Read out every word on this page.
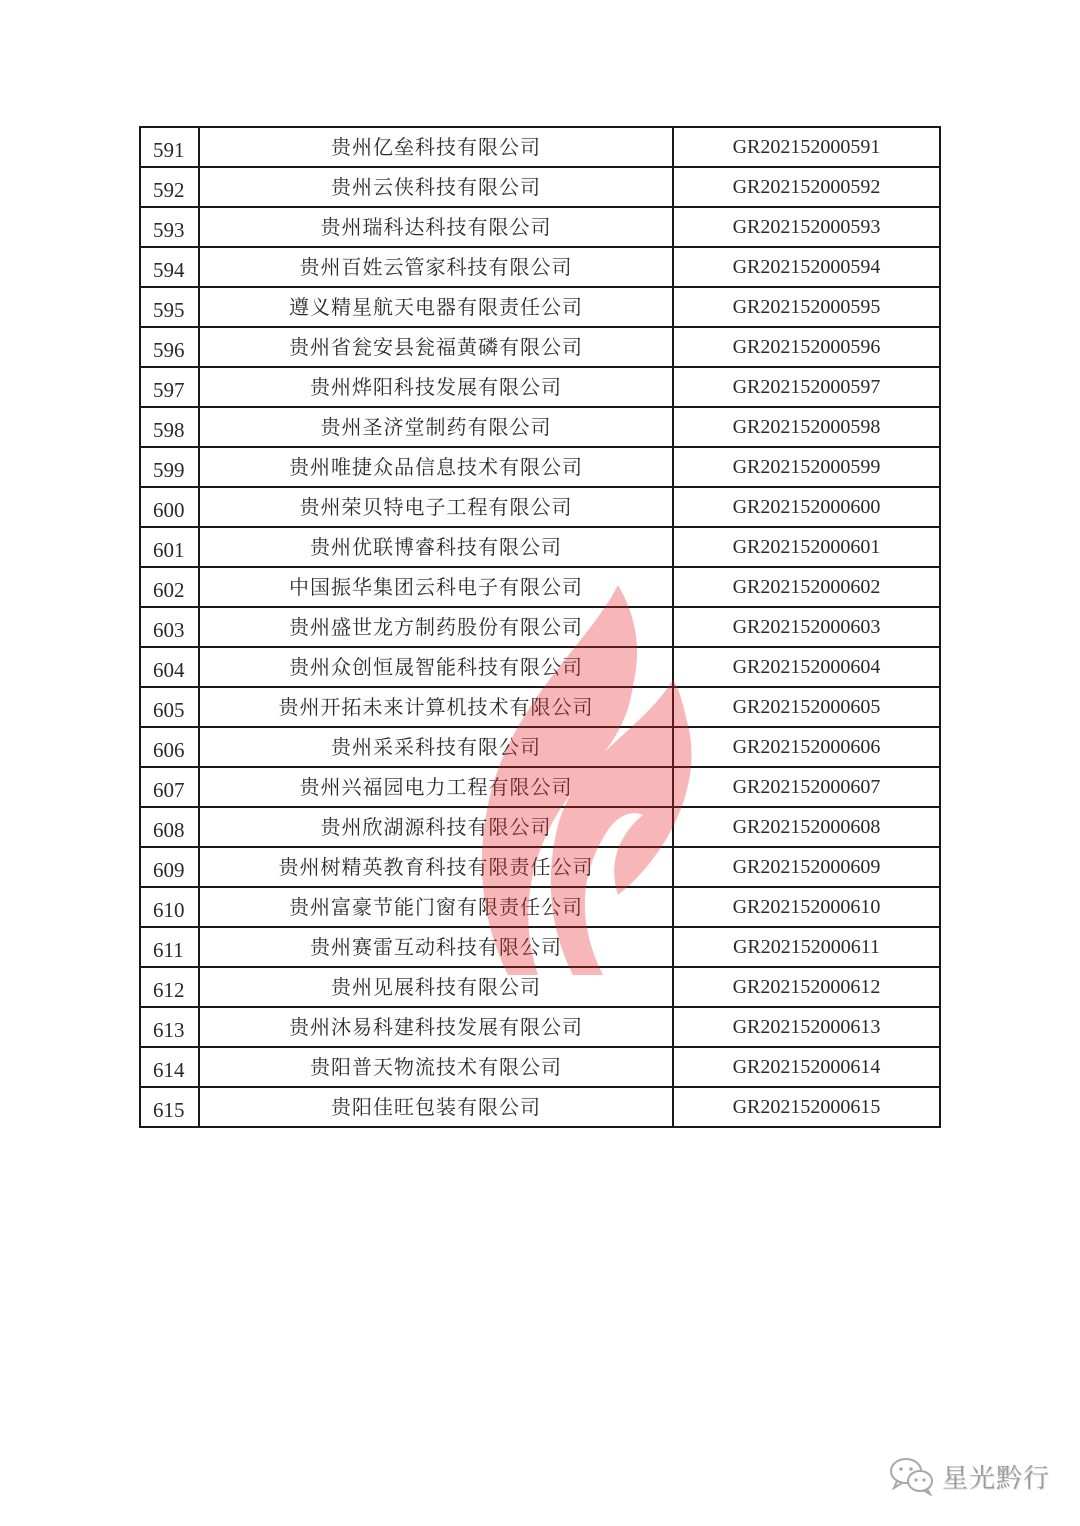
591	贵州亿垒科技有限公司	GR202152000591
592	贵州云侠科技有限公司	GR202152000592
593	贵州瑞科达科技有限公司	GR202152000593
594	贵州百姓云管家科技有限公司	GR202152000594
595	遵义精星航天电器有限责任公司	GR202152000595
596	贵州省瓮安县瓮福黄磷有限公司	GR202152000596
597	贵州烨阳科技发展有限公司	GR202152000597
598	贵州圣济堂制药有限公司	GR202152000598
599	贵州唯捷众品信息技术有限公司	GR202152000599
600	贵州荣贝特电子工程有限公司	GR202152000600
601	贵州优联博睿科技有限公司	GR202152000601
602	中国振华集团云科电子有限公司	GR202152000602
603	贵州盛世龙方制药股份有限公司	GR202152000603
604	贵州众创恒晟智能科技有限公司	GR202152000604
605	贵州开拓未来计算机技术有限公司	GR202152000605
606	贵州采采科技有限公司	GR202152000606
607	贵州兴福园电力工程有限公司	GR202152000607
608	贵州欣湖源科技有限公司	GR202152000608
609	贵州树精英教育科技有限责任公司	GR202152000609
610	贵州富豪节能门窗有限责任公司	GR202152000610
611	贵州赛雷互动科技有限公司	GR202152000611
612	贵州见展科技有限公司	GR202152000612
613	贵州沐易科建科技发展有限公司	GR202152000613
614	贵阳普天物流技术有限公司	GR202152000614
615	贵阳佳旺包装有限公司	GR202152000615
星光黔行
